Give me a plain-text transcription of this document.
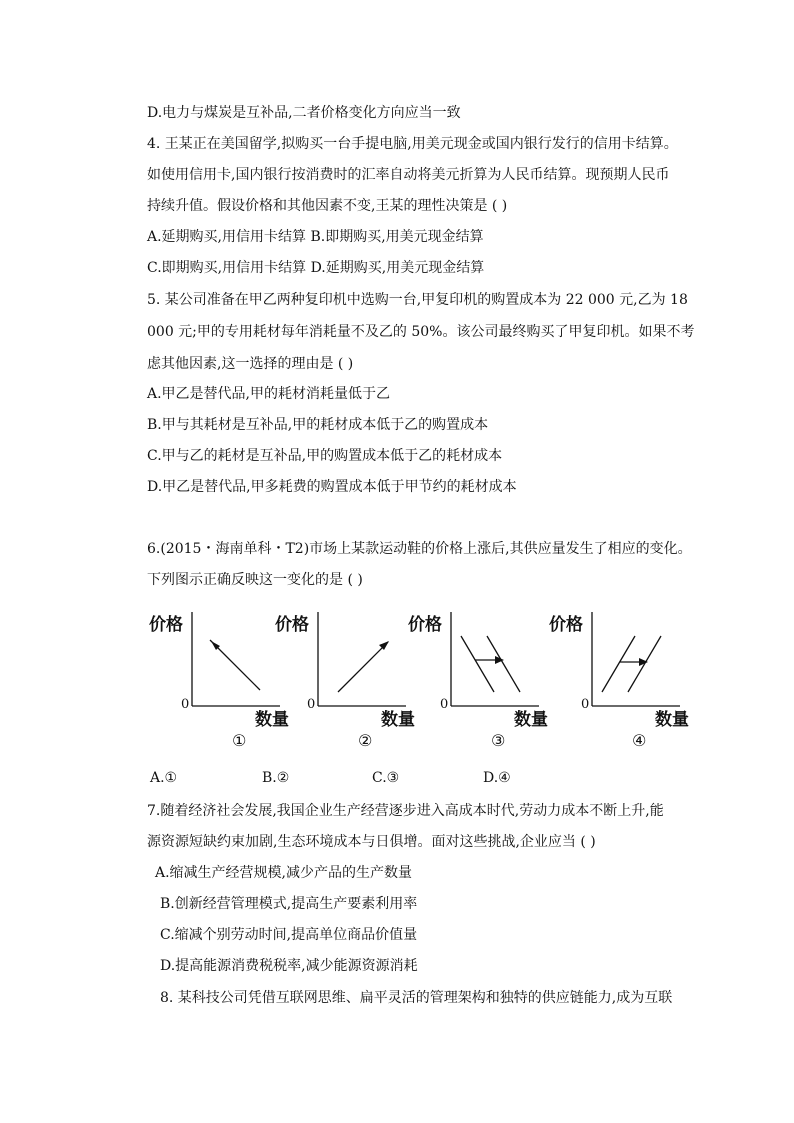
D.电力与煤炭是互补品,二者价格变化方向应当一致
4. 王某正在美国留学,拟购买一台手提电脑,用美元现金或国内银行发行的信用卡结算。
如使用信用卡,国内银行按消费时的汇率自动将美元折算为人民币结算。现预期人民币
持续升值。假设价格和其他因素不变,王某的理性决策是 ( )
A.延期购买,用信用卡结算 B.即期购买,用美元现金结算
C.即期购买,用信用卡结算 D.延期购买,用美元现金结算
5. 某公司准备在甲乙两种复印机中选购一台,甲复印机的购置成本为 22 000 元,乙为 18
000 元;甲的专用耗材每年消耗量不及乙的 50%。该公司最终购买了甲复印机。如果不考
虑其他因素,这一选择的理由是 ( )
A.甲乙是替代品,甲的耗材消耗量低于乙
B.甲与其耗材是互补品,甲的耗材成本低于乙的购置成本
C.甲与乙的耗材是互补品,甲的购置成本低于乙的耗材成本
D.甲乙是替代品,甲多耗费的购置成本低于甲节约的耗材成本
6.(2015・海南单科・T2)市场上某款运动鞋的价格上涨后,其供应量发生了相应的变化。
下列图示正确反映这一变化的是 ( )
7.随着经济社会发展,我国企业生产经营逐步进入高成本时代,劳动力成本不断上升,能
源资源短缺约束加剧,生态环境成本与日俱增。面对这些挑战,企业应当 ( )
A.缩减生产经营规模,减少产品的生产数量
B.创新经营管理模式,提高生产要素利用率
C.缩减个别劳动时间,提高单位商品价值量
D.提高能源消费税税率,减少能源资源消耗
8. 某科技公司凭借互联网思维、扁平灵活的管理架构和独特的供应链能力,成为互联
价格
0
数量
①
价格
0
数量
②
价格
0
数量
③
价格
0
数量
④
A.①	B.②	C.③	D.④
